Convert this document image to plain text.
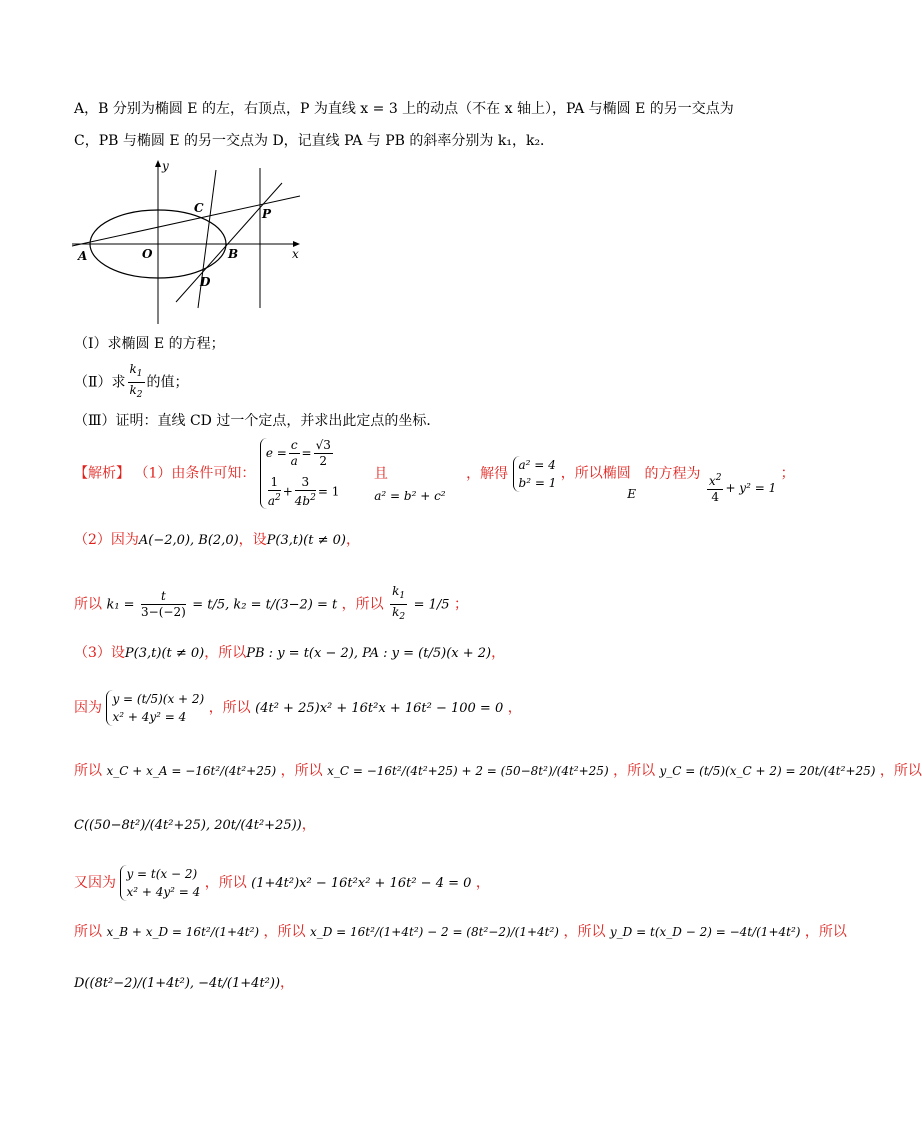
A，B 分别为椭圆 E 的左，右顶点，P 为直线 x = 3 上的动点（不在 x 轴上），PA 与椭圆 E 的另一交点为
C，PB 与椭圆 E 的另一交点为 D，记直线 PA 与 PB 的斜率分别为 k₁，k₂．
y
x
C	P
A	O	B
D
（Ⅰ）求椭圆 E 的方程；
（Ⅱ）求 $\frac{k_1}{k_2}$ 的值；
（Ⅲ）证明：直线 CD 过一个定点，并求出此定点的坐标．
【解析】 （1）由条件可知：
$e = \frac{c}{a} = \frac{√3}{2}$
$\frac{1}{a^2} + \frac{3}{4b^2} = 1$
且 a² = b² + c² ，解得
a² = 4
b² = 1
，所以椭圆 E 的方程为 $\frac{x^2}{4} + y^2 = 1$ ；
（2）因为A(−2,0), B(2,0)，设P(3,t)(t ≠ 0)，
所以 $k_1 = \frac{t}{3-(-2)} = t/5$, k₂ = t/(3−2) = t ，所以 $\frac{k_1}{k_2} = 1/5$ ；
（3）设P(3,t)(t ≠ 0)，所以PB : y = t(x − 2), PA : y = (t/5)(x + 2)，
因为
y = (t/5)(x + 2)
x² + 4y² = 4
，所以 (4t² + 25)x² + 16t²x + 16t² − 100 = 0 ，
所以 x_C + x_A = −16t²/(4t²+25) ，所以 x_C = −16t²/(4t²+25) + 2 = (50−8t²)/(4t²+25) ，所以 y_C = (t/5)(x_C + 2) = 20t/(4t²+25) ，所以
C((50−8t²)/(4t²+25), 20t/(4t²+25))，
又因为
y = t(x − 2)
x² + 4y² = 4
，所以 (1+4t²)x² − 16t²x² + 16t² − 4 = 0 ，
所以 x_B + x_D = 16t²/(1+4t²) ，所以 x_D = 16t²/(1+4t²) − 2 = (8t²−2)/(1+4t²) ，所以 y_D = t(x_D − 2) = −4t/(1+4t²) ，所以
D((8t²−2)/(1+4t²), −4t/(1+4t²))，
